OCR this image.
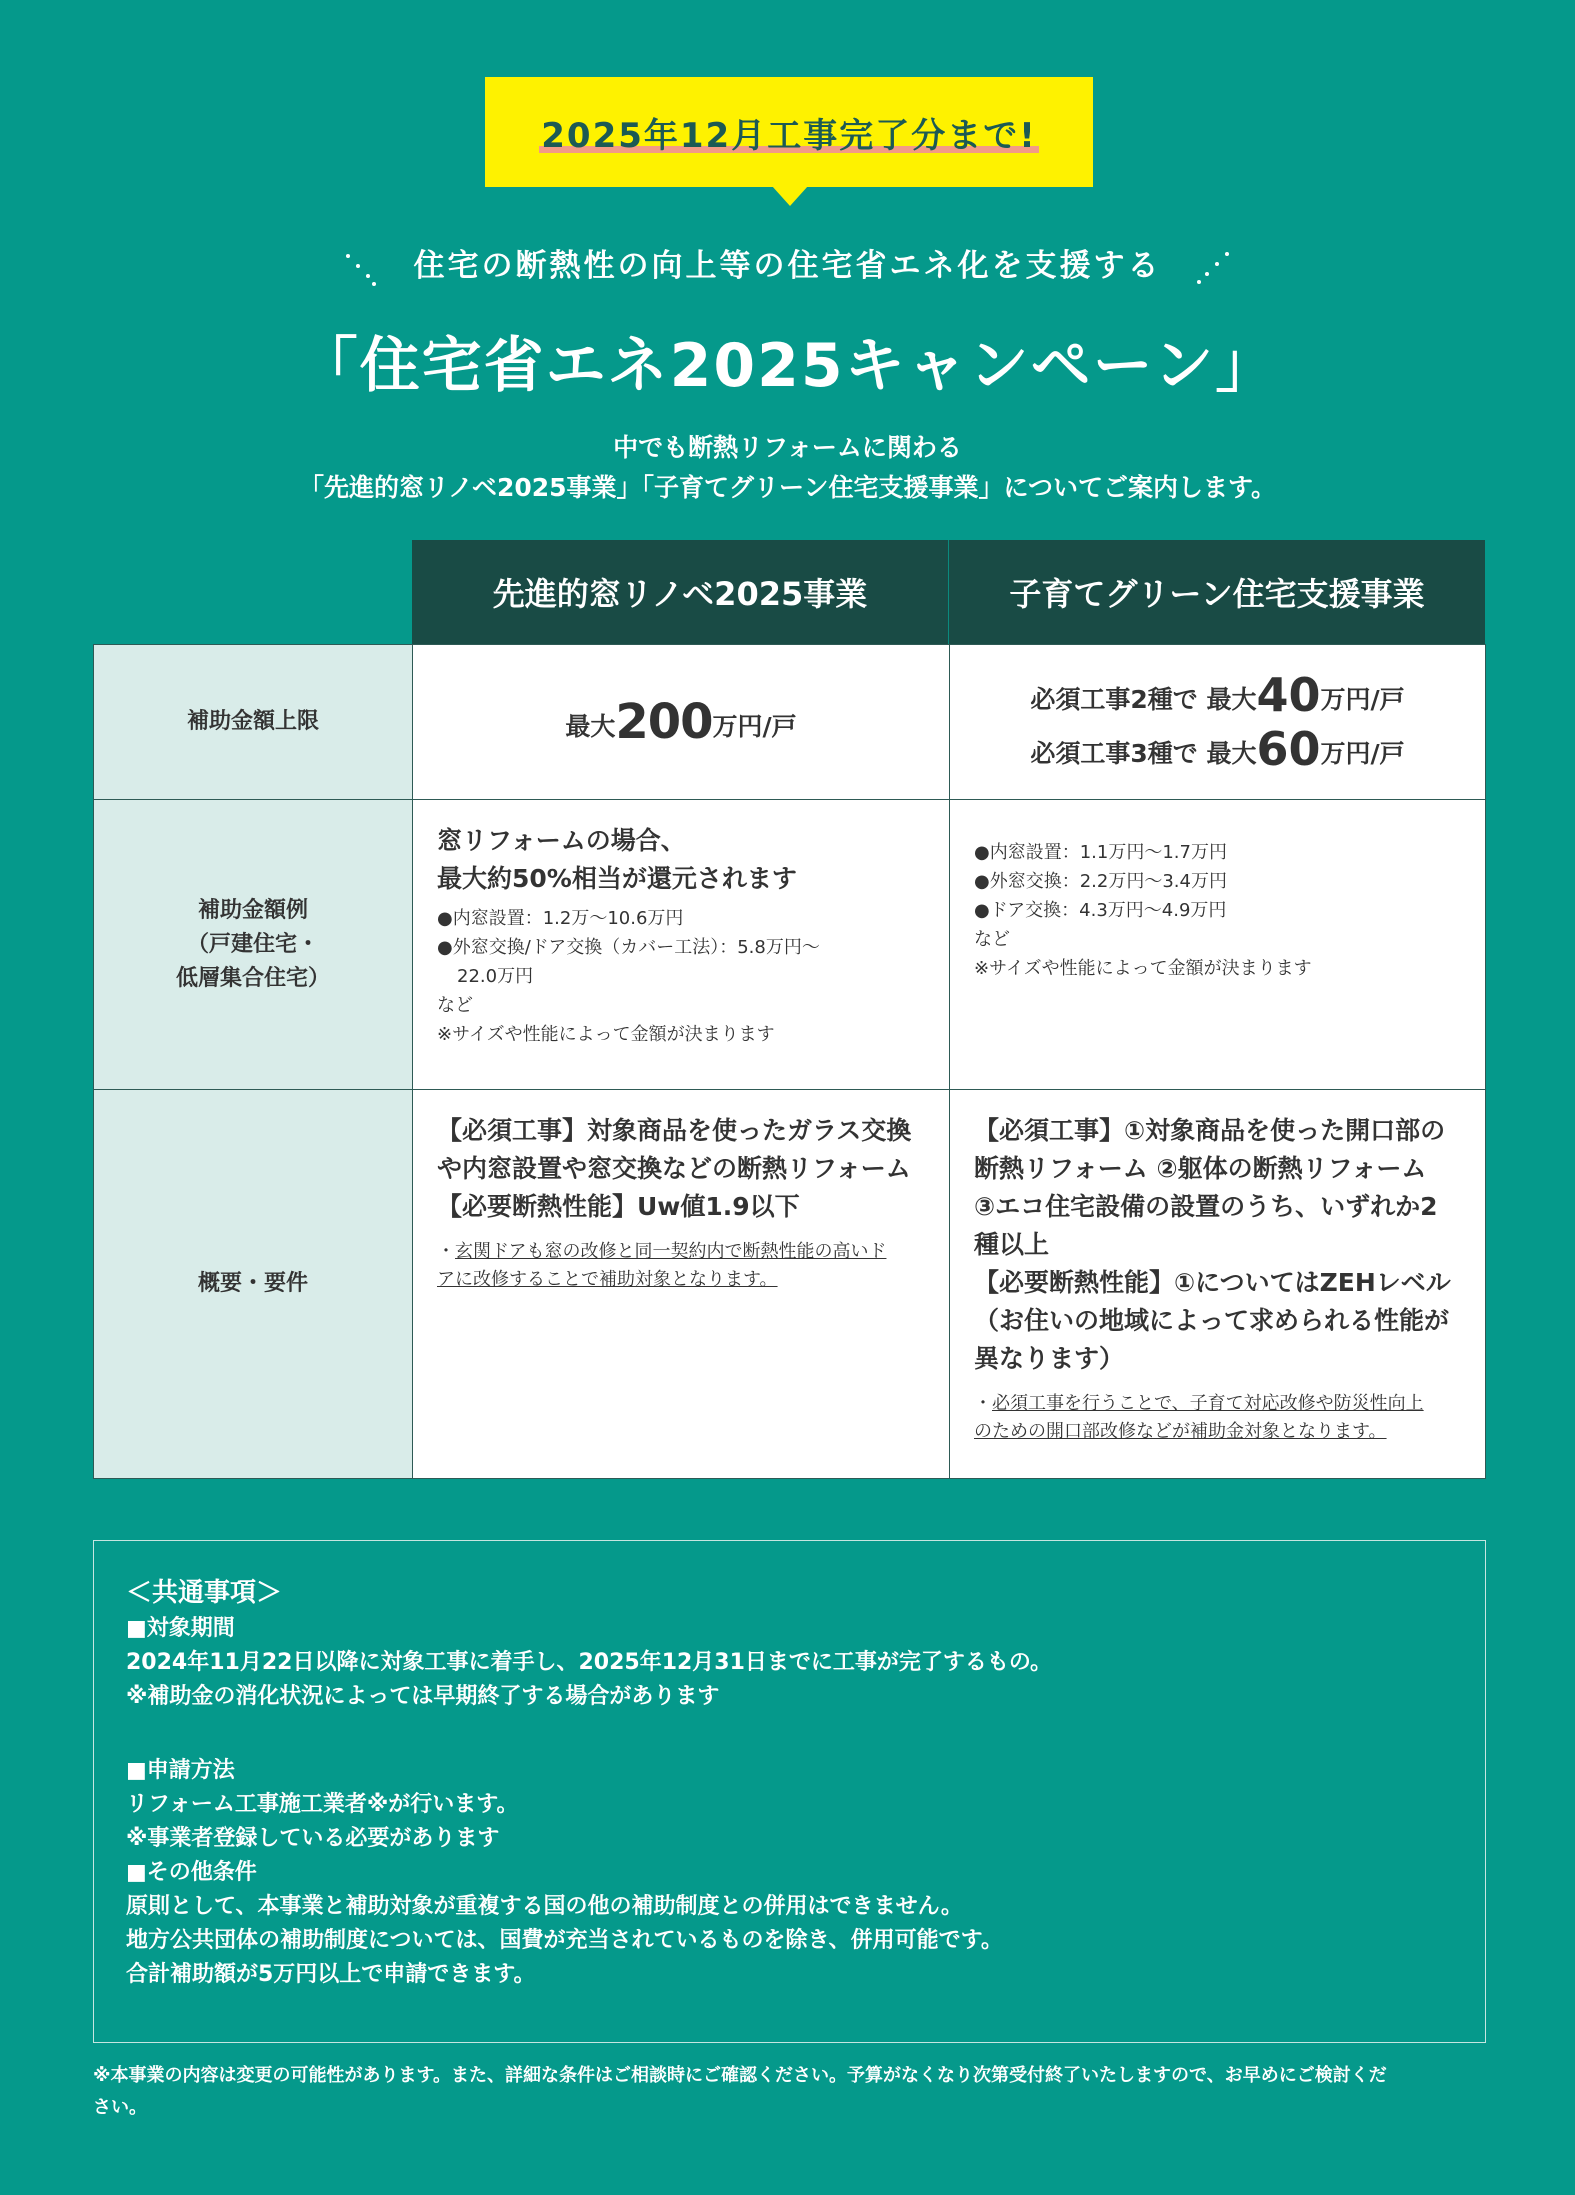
2025年12月工事完了分まで!
住宅の断熱性の向上等の住宅省エネ化を支援する
「住宅省エネ2025キャンペーン」
中でも断熱リフォームに関わる
「先進的窓リノベ2025事業」「子育てグリーン住宅支援事業」についてご案内します。
先進的窓リノベ2025事業	子育てグリーン住宅支援事業
補助金額上限	最大200万円/戸
必須工事2種で 最大40万円/戸
必須工事3種で 最大60万円/戸
補助金額例
（戸建住宅・
低層集合住宅）
窓リフォームの場合、
最大約50%相当が還元されます
●内窓設置：1.2万～10.6万円
●外窓交換/ドア交換（カバー工法）：5.8万円～
22.0万円
など
※サイズや性能によって金額が決まります
●内窓設置：1.1万円～1.7万円
●外窓交換：2.2万円～3.4万円
●ドア交換：4.3万円～4.9万円
など
※サイズや性能によって金額が決まります
概要・要件
【必須工事】対象商品を使ったガラス交換
や内窓設置や窓交換などの断熱リフォーム
【必要断熱性能】Uw値1.9以下
・玄関ドアも窓の改修と同一契約内で断熱性能の高いド
アに改修することで補助対象となります。
【必須工事】①対象商品を使った開口部の
断熱リフォーム ②躯体の断熱リフォーム
③エコ住宅設備の設置のうち、いずれか2
種以上
【必要断熱性能】①についてはZEHレベル
（お住いの地域によって求められる性能が
異なります）
・必須工事を行うことで、子育て対応改修や防災性向上
のための開口部改修などが補助金対象となります。
＜共通事項＞
■対象期間
2024年11月22日以降に対象工事に着手し、2025年12月31日までに工事が完了するもの。
※補助金の消化状況によっては早期終了する場合があります
■申請方法
リフォーム工事施工業者※が行います。
※事業者登録している必要があります
■その他条件
原則として、本事業と補助対象が重複する国の他の補助制度との併用はできません。
地方公共団体の補助制度については、国費が充当されているものを除き、併用可能です。
合計補助額が5万円以上で申請できます。
※本事業の内容は変更の可能性があります。また、詳細な条件はご相談時にご確認ください。予算がなくなり次第受付終了いたしますので、お早めにご検討くだ
さい。
